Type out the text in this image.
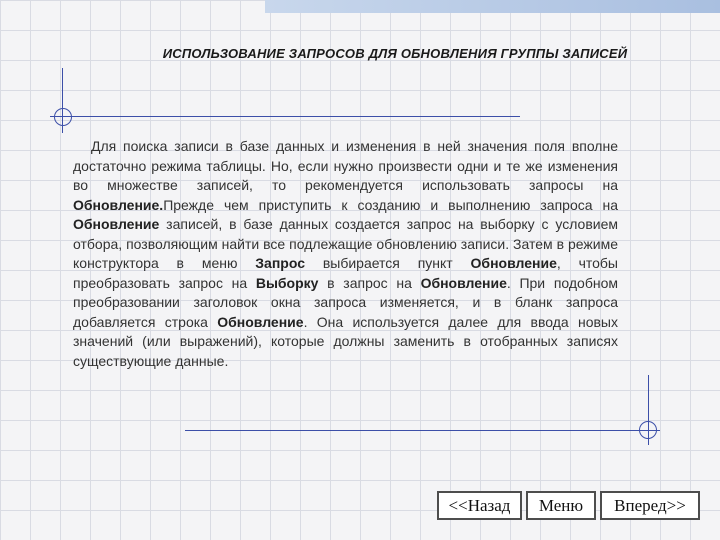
ИСПОЛЬЗОВАНИЕ ЗАПРОСОВ ДЛЯ ОБНОВЛЕНИЯ ГРУППЫ ЗАПИСЕЙ

Для поиска записи в базе данных и изменения в ней значения поля вполне достаточно режима таблицы. Но, если нужно произвести одни и те же изменения во множестве записей, то рекомендуется использовать запросы на Обновление.Прежде чем приступить к созданию и выполнению запроса на Обновление записей, в базе данных создается запрос на выборку с условием отбора, позволяющим найти все подлежащие обновлению записи. Затем в режиме конструктора в меню Запрос выбирается пункт Обновление, чтобы преобразовать запрос на Выборку в запрос на Обновление. При подобном преобразовании заголовок окна запроса изменяется, и в бланк запроса добавляется строка Обновление. Она используется далее для ввода новых значений (или выражений), которые должны заменить в отобранных записях существующие данные.

<<Назад	Меню	Вперед>>
